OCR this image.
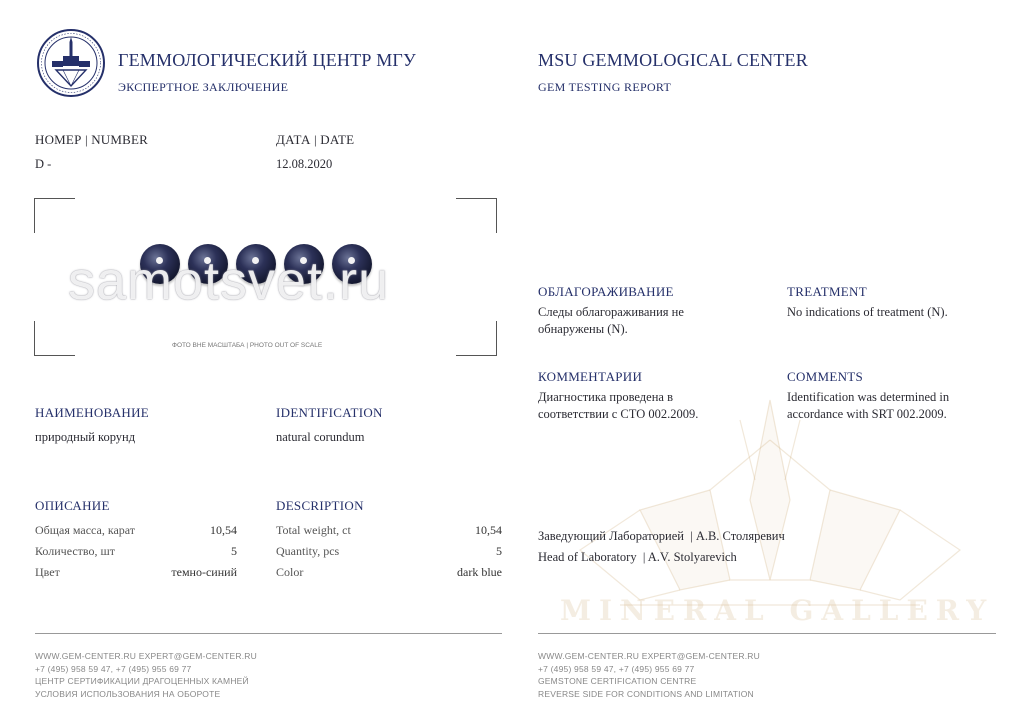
MINERAL GALLERY
ГЕММОЛОГИЧЕСКИЙ ЦЕНТР МГУ
ЭКСПЕРТНОЕ ЗАКЛЮЧЕНИЕ
MSU GEMMOLOGICAL CENTER
GEM TESTING REPORT
НОМЕР | NUMBER
D -
ДАТА | DATE
12.08.2020
samotsvet.ru
ФОТО ВНЕ МАСШТАБА | PHOTO OUT OF SCALE
НАИМЕНОВАНИЕ
природный корунд
IDENTIFICATION
natural corundum
ОПИСАНИЕ	DESCRIPTION
Общая масса, карат	10,54
Количество, шт	5
Цвет	темно-синий
Total weight, ct	10,54
Quantity, pcs	5
Color	dark blue
ОБЛАГОРАЖИВАНИЕ
Следы облагораживания не обнаружены (N).
TREATMENT
No indications of treatment (N).
КОММЕНТАРИИ
Диагностика проведена в соответствии с СТО 002.2009.
COMMENTS
Identification was determined in accordance with SRT 002.2009.
Заведующий Лабораторией  | А.В. Столяревич
Head of Laboratory  | A.V. Stolyarevich
WWW.GEM-CENTER.RU EXPERT@GEM-CENTER.RU
+7 (495) 958 59 47, +7 (495) 955 69 77
ЦЕНТР СЕРТИФИКАЦИИ ДРАГОЦЕННЫХ КАМНЕЙ
УСЛОВИЯ ИСПОЛЬЗОВАНИЯ НА ОБОРОТЕ
WWW.GEM-CENTER.RU EXPERT@GEM-CENTER.RU
+7 (495) 958 59 47, +7 (495) 955 69 77
GEMSTONE CERTIFICATION CENTRE
REVERSE SIDE FOR CONDITIONS AND LIMITATION
